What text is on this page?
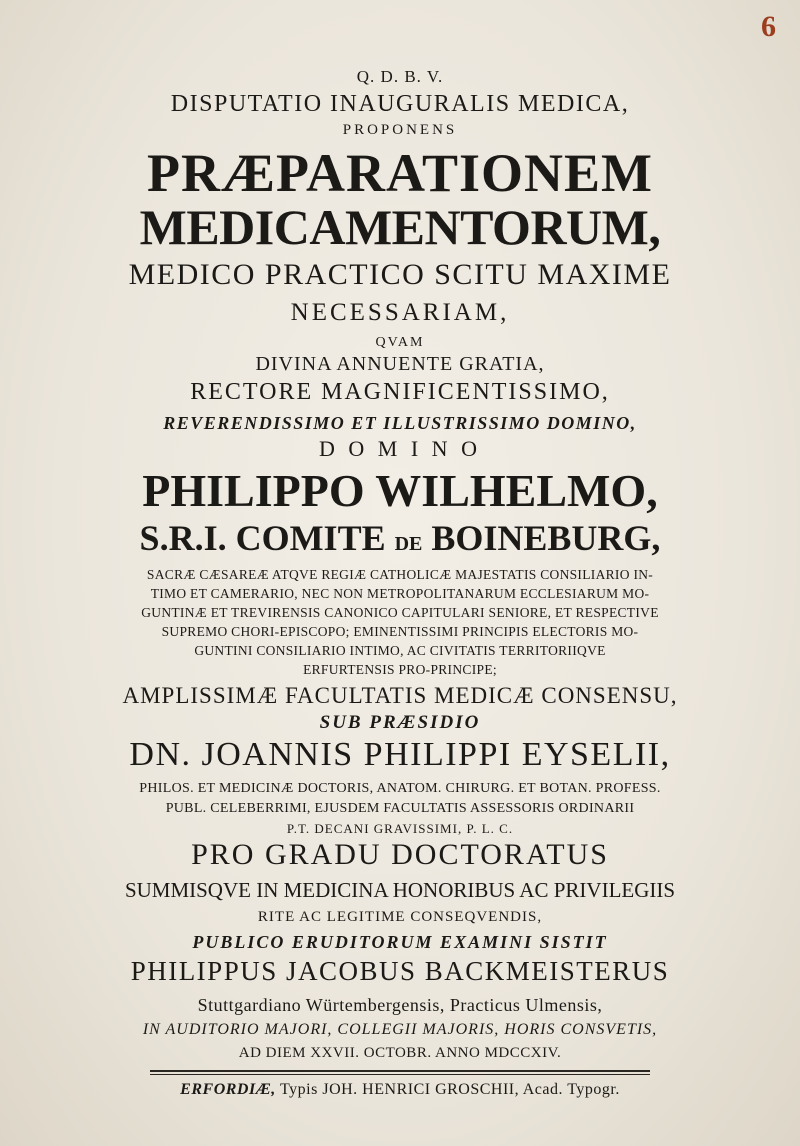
6
Q. D. B. V.
DISPUTATIO INAUGURALIS MEDICA,
PROPONENS
PRÆPARATIONEM
MEDICAMENTORUM,
MEDICO PRACTICO SCITU MAXIME
NECESSARIAM,
QVAM
DIVINA ANNUENTE GRATIA,
RECTORE MAGNIFICENTISSIMO,
REVERENDISSIMO ET ILLUSTRISSIMO DOMINO,
D O M I N O
PHILIPPO WILHELMO,
S.R.I. COMITE DE BOINEBURG,
SACRÆ CÆSAREÆ ATQVE REGIÆ CATHOLICÆ MAJESTATIS CONSILIARIO IN-
TIMO ET CAMERARIO, NEC NON METROPOLITANARUM ECCLESIARUM MO-
GUNTINÆ ET TREVIRENSIS CANONICO CAPITULARI SENIORE, ET RESPECTIVE
SUPREMO CHORI-EPISCOPO; EMINENTISSIMI PRINCIPIS ELECTORIS MO-
GUNTINI CONSILIARIO INTIMO, AC CIVITATIS TERRITORIIQVE
ERFURTENSIS PRO-PRINCIPE;
AMPLISSIMÆ FACULTATIS MEDICÆ CONSENSU,
SUB PRÆSIDIO
DN. JOANNIS PHILIPPI EYSELII,
PHILOS. ET MEDICINÆ DOCTORIS, ANATOM. CHIRURG. ET BOTAN. PROFESS.
PUBL. CELEBERRIMI, EJUSDEM FACULTATIS ASSESSORIS ORDINARII
P.T. DECANI GRAVISSIMI, P. L. C.
PRO GRADU DOCTORATUS
SUMMISQVE IN MEDICINA HONORIBUS AC PRIVILEGIIS
RITE AC LEGITIME CONSEQVENDIS,
PUBLICO ERUDITORUM EXAMINI SISTIT
PHILIPPUS JACOBUS BACKMEISTERUS
Stuttgardiano Würtembergensis, Practicus Ulmensis,
IN AUDITORIO MAJORI, COLLEGII MAJORIS, HORIS CONSVETIS,
AD DIEM XXVII. OCTOBR. ANNO MDCCXIV.
ERFORDIÆ, Typis JOH. HENRICI GROSCHII, Acad. Typogr.
